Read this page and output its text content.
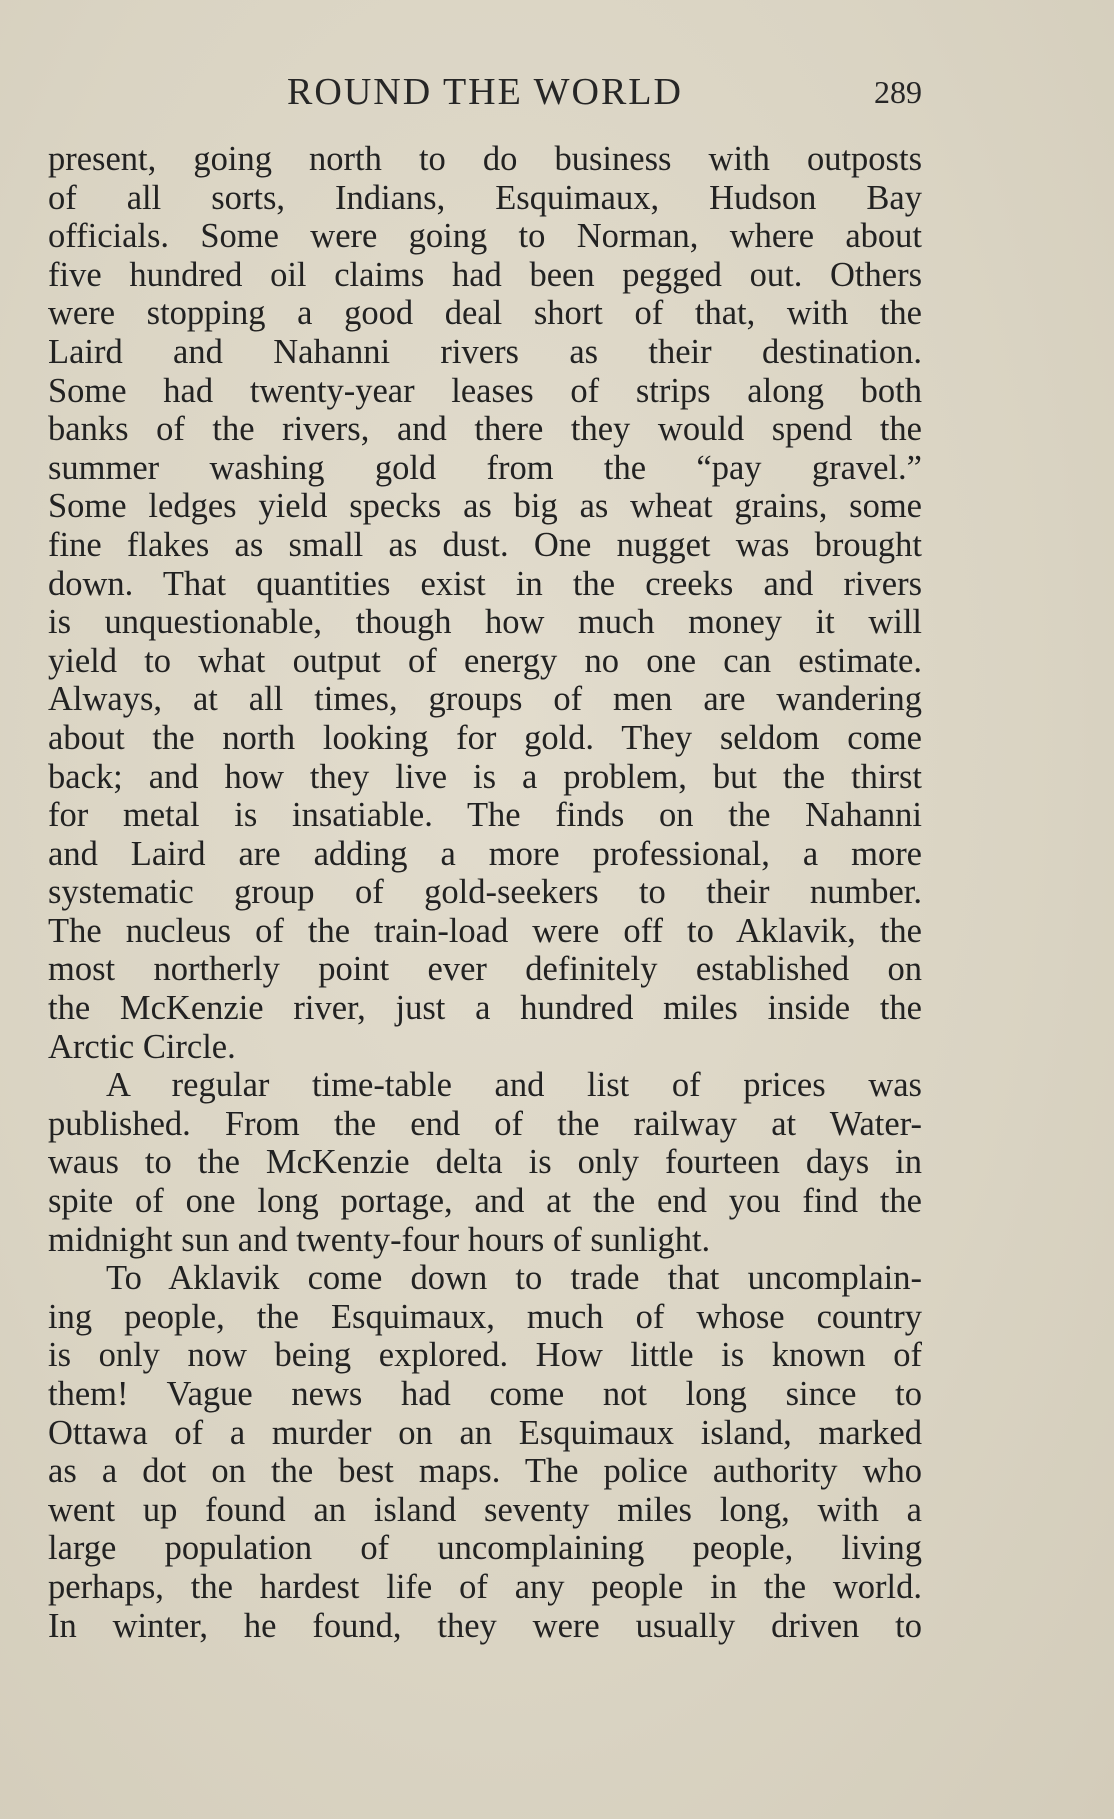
ROUND THE WORLD	289
present, going north to do business with outposts
of all sorts, Indians, Esquimaux, Hudson Bay
officials. Some were going to Norman, where about
five hundred oil claims had been pegged out. Others
were stopping a good deal short of that, with the
Laird and Nahanni rivers as their destination.
Some had twenty-year leases of strips along both
banks of the rivers, and there they would spend the
summer washing gold from the “pay gravel.”
Some ledges yield specks as big as wheat grains, some
fine flakes as small as dust. One nugget was brought
down. That quantities exist in the creeks and rivers
is unquestionable, though how much money it will
yield to what output of energy no one can estimate.
Always, at all times, groups of men are wandering
about the north looking for gold. They seldom come
back; and how they live is a problem, but the thirst
for metal is insatiable. The finds on the Nahanni
and Laird are adding a more professional, a more
systematic group of gold-seekers to their number.
The nucleus of the train-load were off to Aklavik, the
most northerly point ever definitely established on
the McKenzie river, just a hundred miles inside the
Arctic Circle.
A regular time-table and list of prices was
published. From the end of the railway at Water-
waus to the McKenzie delta is only fourteen days in
spite of one long portage, and at the end you find the
midnight sun and twenty-four hours of sunlight.
To Aklavik come down to trade that uncomplain-
ing people, the Esquimaux, much of whose country
is only now being explored. How little is known of
them! Vague news had come not long since to
Ottawa of a murder on an Esquimaux island, marked
as a dot on the best maps. The police authority who
went up found an island seventy miles long, with a
large population of uncomplaining people, living
perhaps, the hardest life of any people in the world.
In winter, he found, they were usually driven to
